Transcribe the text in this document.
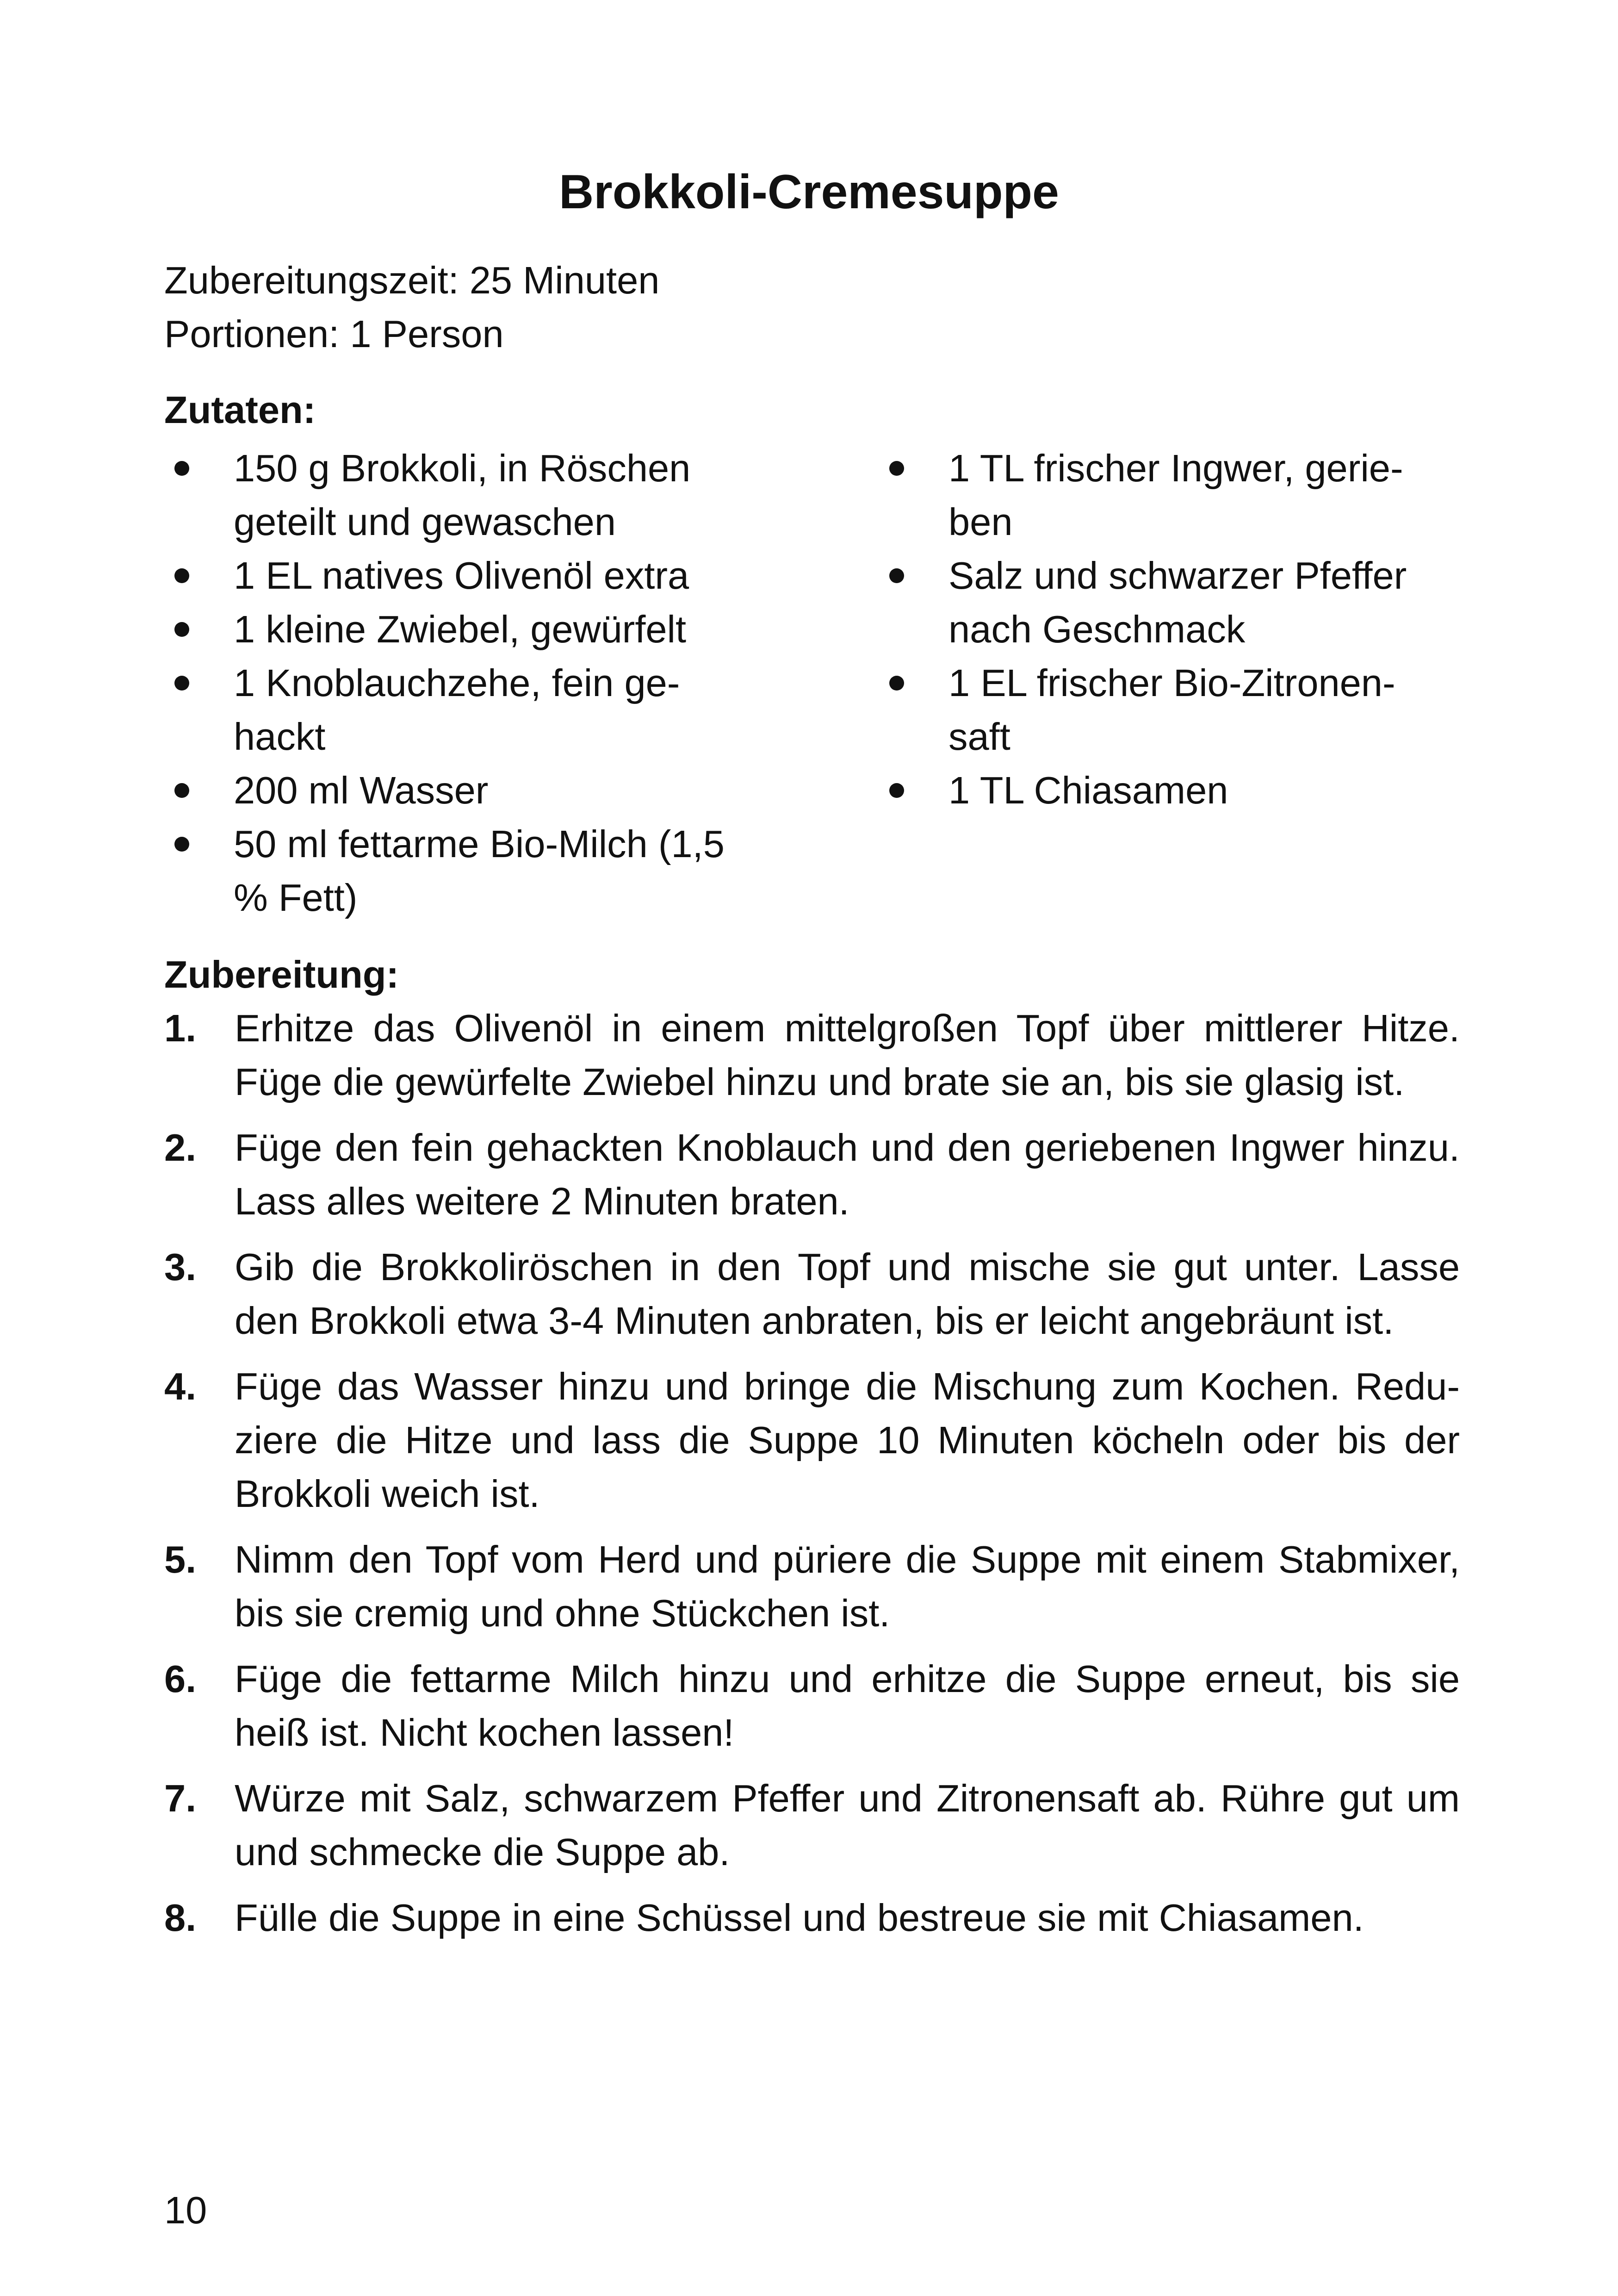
Brokkoli-Cremesuppe
Zubereitungszeit: 25 Minuten
Portionen: 1 Person
Zutaten:
150 g Brokkoli, in Röschen
geteilt und gewaschen
1 EL natives Olivenöl extra
1 kleine Zwiebel, gewürfelt
1 Knoblauchzehe, fein ge-
hackt
200 ml Wasser
50 ml fettarme Bio-Milch (1,5
% Fett)
1 TL frischer Ingwer, gerie-
ben
Salz und schwarzer Pfeffer
nach Geschmack
1 EL frischer Bio-Zitronen-
saft
1 TL Chiasamen
Zubereitung:
1. Erhitze das Olivenöl in einem mittelgroßen Topf über mittlerer Hitze.
Füge die gewürfelte Zwiebel hinzu und brate sie an, bis sie glasig ist.
2. Füge den fein gehackten Knoblauch und den geriebenen Ingwer hinzu.
Lass alles weitere 2 Minuten braten.
3. Gib die Brokkoliröschen in den Topf und mische sie gut unter. Lasse
den Brokkoli etwa 3-4 Minuten anbraten, bis er leicht angebräunt ist.
4. Füge das Wasser hinzu und bringe die Mischung zum Kochen. Redu-
ziere die Hitze und lass die Suppe 10 Minuten köcheln oder bis der
Brokkoli weich ist.
5. Nimm den Topf vom Herd und püriere die Suppe mit einem Stabmixer,
bis sie cremig und ohne Stückchen ist.
6. Füge die fettarme Milch hinzu und erhitze die Suppe erneut, bis sie
heiß ist. Nicht kochen lassen!
7. Würze mit Salz, schwarzem Pfeffer und Zitronensaft ab. Rühre gut um
und schmecke die Suppe ab.
8. Fülle die Suppe in eine Schüssel und bestreue sie mit Chiasamen.
10
